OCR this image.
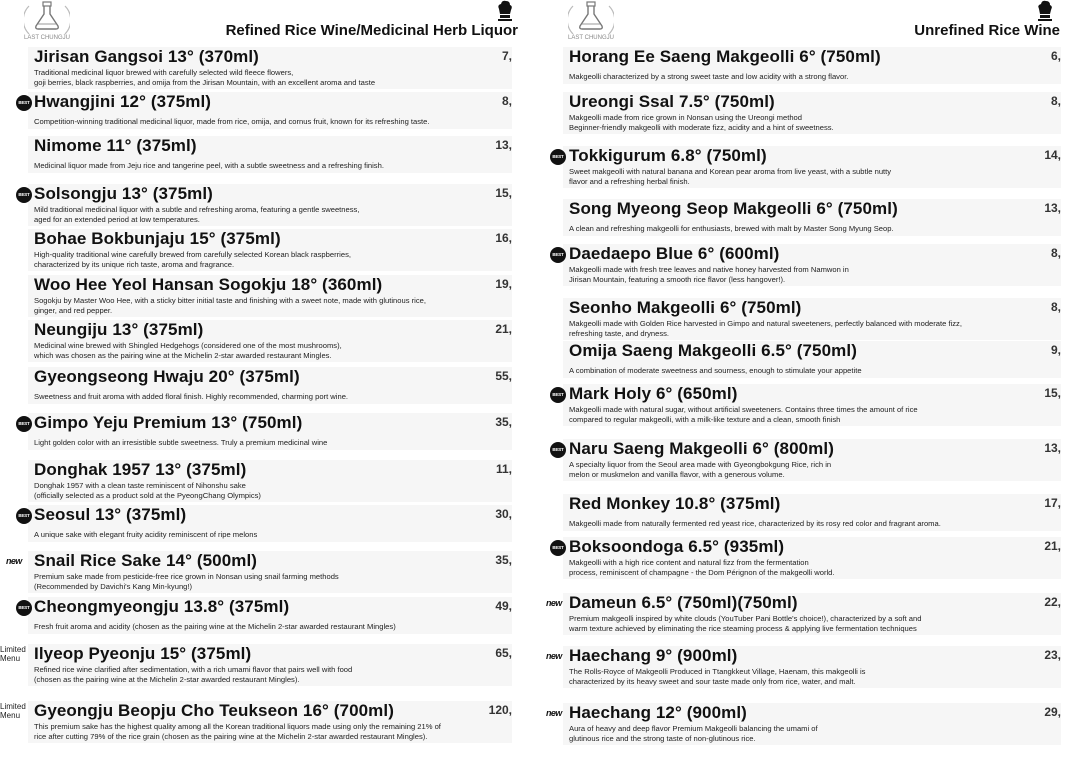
LAST CHUNGJU	Refined Rice Wine/Medicinal Herb Liquor
Jirisan Gangsoi 13° (370ml)
Traditional medicinal liquor brewed with carefully selected wild fleece flowers,
goji berries, black raspberries, and omija from the Jirisan Mountain, with an excellent aroma and taste
7,
Hwangjini 12° (375ml)
Competition-winning traditional medicinal liquor, made from rice, omija, and cornus fruit, known for its refreshing taste.
8,
BEST
Nimome 11° (375ml)
Medicinal liquor made from Jeju rice and tangerine peel, with a subtle sweetness and a refreshing finish.
13,
Solsongju 13° (375ml)
Mild traditional medicinal liquor with a subtle and refreshing aroma, featuring a gentle sweetness,
aged for an extended period at low temperatures.
15,
BEST
Bohae Bokbunjaju 15° (375ml)
High-quality traditional wine carefully brewed from carefully selected Korean black raspberries,
characterized by its unique rich taste, aroma and fragrance.
16,
Woo Hee Yeol Hansan Sogokju 18° (360ml)
Sogokju by Master Woo Hee, with a sticky bitter initial taste and finishing with a sweet note, made with glutinous rice,
ginger, and red pepper.
19,
Neungiju 13° (375ml)
Medicinal wine brewed with Shingled Hedgehogs (considered one of the most mushrooms),
which was chosen as the pairing wine at the Michelin 2-star awarded restaurant Mingles.
21,
Gyeongseong Hwaju 20° (375ml)
Sweetness and fruit aroma with added floral finish. Highly recommended, charming port wine.
55,
Gimpo Yeju Premium 13° (750ml)
Light golden color with an irresistible subtle sweetness. Truly a premium medicinal wine
35,
BEST
Donghak 1957 13° (375ml)
Donghak 1957 with a clean taste reminiscent of Nihonshu sake
(officially selected as a product sold at the PyeongChang Olympics)
11,
Seosul 13° (375ml)
A unique sake with elegant fruity acidity reminiscent of ripe melons
30,
BEST
Snail Rice Sake 14° (500ml)
Premium sake made from pesticide-free rice grown in Nonsan using snail farming methods
(Recommended by Davichi's Kang Min-kyung!)
35,
new
Cheongmyeongju 13.8° (375ml)
Fresh fruit aroma and acidity (chosen as the pairing wine at the Michelin 2-star awarded restaurant Mingles)
49,
BEST
Ilyeop Pyeonju 15° (375ml)
Refined rice wine clarified after sedimentation, with a rich umami flavor that pairs well with food
(chosen as the pairing wine at the Michelin 2-star awarded restaurant Mingles).
65,
Limited
Menu
Gyeongju Beopju Cho Teukseon 16° (700ml)
This premium sake has the highest quality among all the Korean traditional liquors made using only the remaining 21% of
rice after cutting 79% of the rice grain (chosen as the pairing wine at the Michelin 2-star awarded restaurant Mingles).
120,
Limited
Menu
LAST CHUNGJU	Unrefined Rice Wine
Horang Ee Saeng Makgeolli 6° (750ml)
Makgeolli characterized by a strong sweet taste and low acidity with a strong flavor.
6,
Ureongi Ssal 7.5° (750ml)
Makgeolli made from rice grown in Nonsan using the Ureongi method
Beginner-friendly makgeolli with moderate fizz, acidity and a hint of sweetness.
8,
Tokkigurum 6.8° (750ml)
Sweet makgeolli with natural banana and Korean pear aroma from live yeast, with a subtle nutty
flavor and a refreshing herbal finish.
14,
BEST
Song Myeong Seop Makgeolli 6° (750ml)
A clean and refreshing makgeolli for enthusiasts, brewed with malt by Master Song Myung Seop.
13,
Daedaepo Blue 6° (600ml)
Makgeolli made with fresh tree leaves and native honey harvested from Namwon in
Jirisan Mountain, featuring a smooth rice flavor (less hangover!).
8,
BEST
Seonho Makgeolli 6° (750ml)
Makgeolli made with Golden Rice harvested in Gimpo and natural sweeteners, perfectly balanced with moderate fizz,
refreshing taste, and dryness.
8,
Omija Saeng Makgeolli 6.5° (750ml)
A combination of moderate sweetness and sourness, enough to stimulate your appetite
9,
Mark Holy 6° (650ml)
Makgeolli made with natural sugar, without artificial sweeteners. Contains three times the amount of rice
compared to regular makgeolli, with a milk-like texture and a clean, smooth finish
15,
BEST
Naru Saeng Makgeolli 6° (800ml)
A specialty liquor from the Seoul area made with Gyeongbokgung Rice, rich in
melon or muskmelon and vanilla flavor, with a generous volume.
13,
BEST
Red Monkey 10.8° (375ml)
Makgeolli made from naturally fermented red yeast rice, characterized by its rosy red color and fragrant aroma.
17,
Boksoondoga 6.5° (935ml)
Makgeolli with a high rice content and natural fizz from the fermentation
process, reminiscent of champagne - the Dom Pérignon of the makgeolli world.
21,
BEST
Dameun 6.5° (750ml)(750ml)
Premium makgeolli inspired by white clouds (YouTuber Pani Bottle's choice!), characterized by a soft and
warm texture achieved by eliminating the rice steaming process & applying live fermentation techniques
22,
new
Haechang 9° (900ml)
The Rolls-Royce of Makgeolli Produced in Ttangkkeut Village, Haenam, this makgeolli is
characterized by its heavy sweet and sour taste made only from rice, water, and malt.
23,
new
Haechang 12° (900ml)
Aura of heavy and deep flavor Premium Makgeolli balancing the umami of
glutinous rice and the strong taste of non-glutinous rice.
29,
new
